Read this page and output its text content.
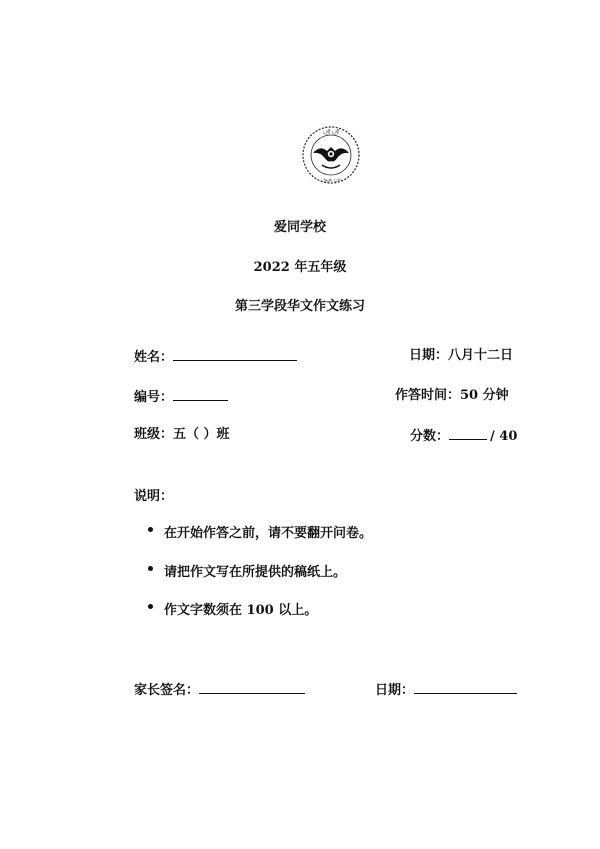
ஸ்ரீ ஸ்ரீ
ஆத பா
爱同学校
2022 年五年级
第三学段华文作文练习
姓名：	日期：八月十二日
编号：	作答时间：50 分钟
班级：五（ ）班	分数：	/ 40
说明：
在开始作答之前，请不要翻开问卷。
请把作文写在所提供的稿纸上。
作文字数须在 100 以上。
家长签名：	日期：
